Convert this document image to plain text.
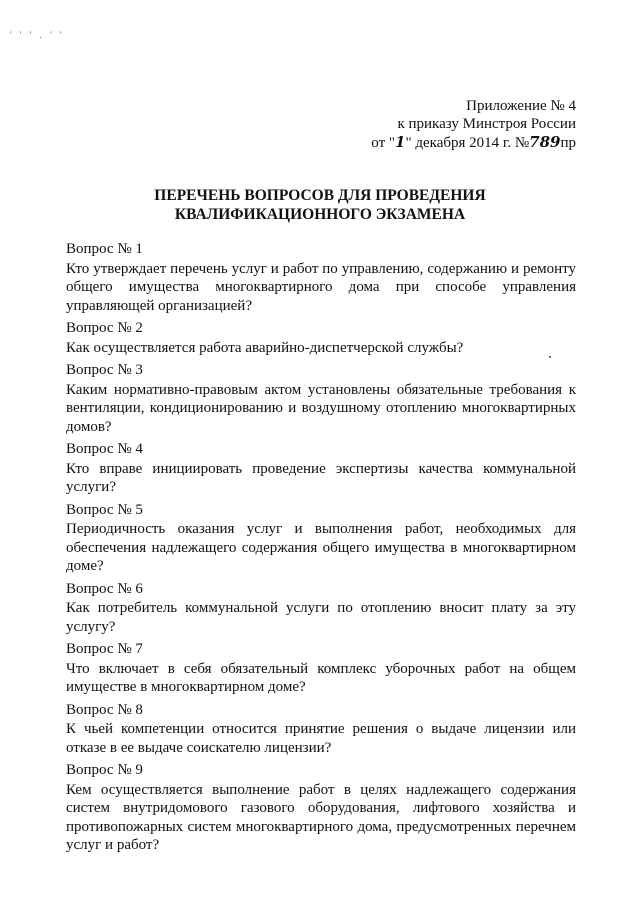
' ' ' . ' '
Приложение № 4
к приказу Минстроя России
от "1" декабря 2014 г. №789пр
ПЕРЕЧЕНЬ ВОПРОСОВ ДЛЯ ПРОВЕДЕНИЯ
КВАЛИФИКАЦИОННОГО ЭКЗАМЕНА
Вопрос № 1
Кто утверждает перечень услуг и работ по управлению, содержанию и ремонту общего имущества многоквартирного дома при способе управления управляющей организацией?
Вопрос № 2
Как осуществляется работа аварийно-диспетчерской службы?
Вопрос № 3
Каким нормативно-правовым актом установлены обязательные требования к вентиляции, кондиционированию и воздушному отоплению многоквартирных домов?
Вопрос № 4
Кто вправе инициировать проведение экспертизы качества коммунальной услуги?
Вопрос № 5
Периодичность оказания услуг и выполнения работ, необходимых для обеспечения надлежащего содержания общего имущества в многоквартирном доме?
Вопрос № 6
Как потребитель коммунальной услуги по отоплению вносит плату за эту услугу?
Вопрос № 7
Что включает в себя обязательный комплекс уборочных работ на общем имуществе в многоквартирном доме?
Вопрос № 8
К чьей компетенции относится принятие решения о выдаче лицензии или отказе в ее выдаче соискателю лицензии?
Вопрос № 9
Кем осуществляется выполнение работ в целях надлежащего содержания систем внутридомового газового оборудования, лифтового хозяйства и противопожарных систем многоквартирного дома, предусмотренных перечнем услуг и работ?
